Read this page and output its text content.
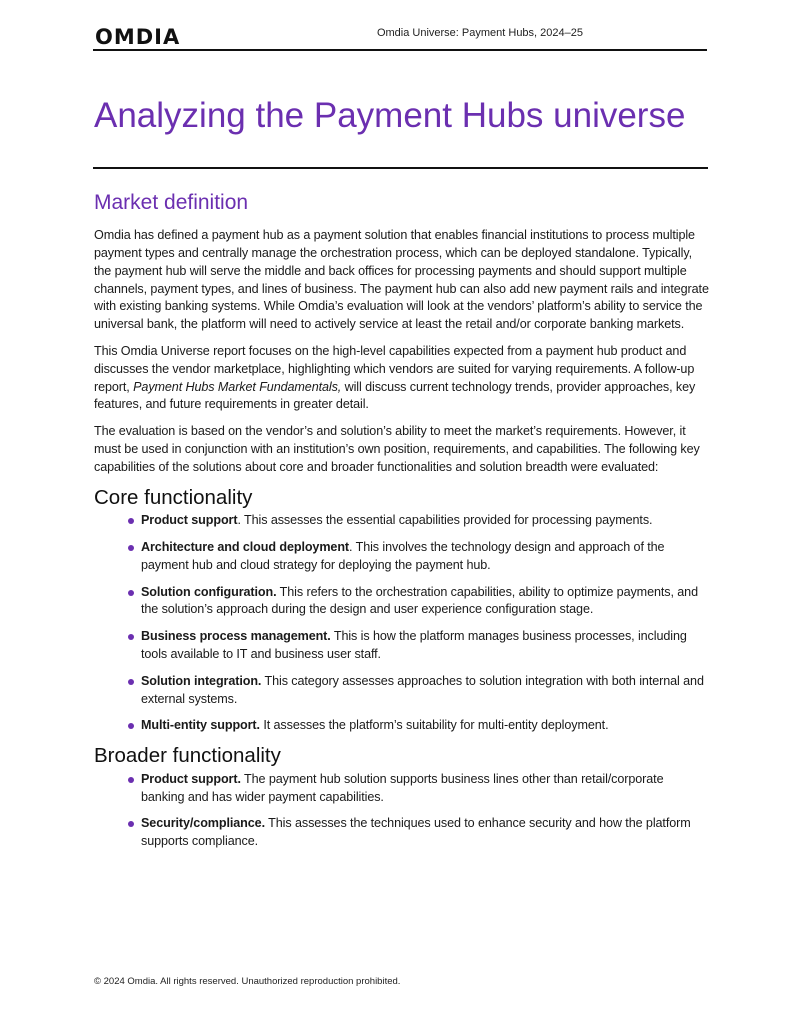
OMDIA	Omdia Universe: Payment Hubs, 2024–25
Analyzing the Payment Hubs universe
Market definition

Omdia has defined a payment hub as a payment solution that enables financial institutions to process multiple payment types and centrally manage the orchestration process, which can be deployed standalone. Typically, the payment hub will serve the middle and back offices for processing payments and should support multiple channels, payment types, and lines of business. The payment hub can also add new payment rails and integrate with existing banking systems. While Omdia’s evaluation will look at the vendors’ platform’s ability to service the universal bank, the platform will need to actively service at least the retail and/or corporate banking markets.

This Omdia Universe report focuses on the high-level capabilities expected from a payment hub product and discusses the vendor marketplace, highlighting which vendors are suited for varying requirements. A follow-up report, Payment Hubs Market Fundamentals, will discuss current technology trends, provider approaches, key features, and future requirements in greater detail.

The evaluation is based on the vendor’s and solution’s ability to meet the market’s requirements. However, it must be used in conjunction with an institution’s own position, requirements, and capabilities. The following key capabilities of the solutions about core and broader functionalities and solution breadth were evaluated:

Core functionality
Product support. This assesses the essential capabilities provided for processing payments.
Architecture and cloud deployment. This involves the technology design and approach of the payment hub and cloud strategy for deploying the payment hub.
Solution configuration. This refers to the orchestration capabilities, ability to optimize payments, and the solution’s approach during the design and user experience configuration stage.
Business process management. This is how the platform manages business processes, including tools available to IT and business user staff.
Solution integration. This category assesses approaches to solution integration with both internal and external systems.
Multi-entity support. It assesses the platform’s suitability for multi-entity deployment.
Broader functionality
Product support. The payment hub solution supports business lines other than retail/corporate banking and has wider payment capabilities.
Security/compliance. This assesses the techniques used to enhance security and how the platform supports compliance.
© 2024 Omdia. All rights reserved. Unauthorized reproduction prohibited.
